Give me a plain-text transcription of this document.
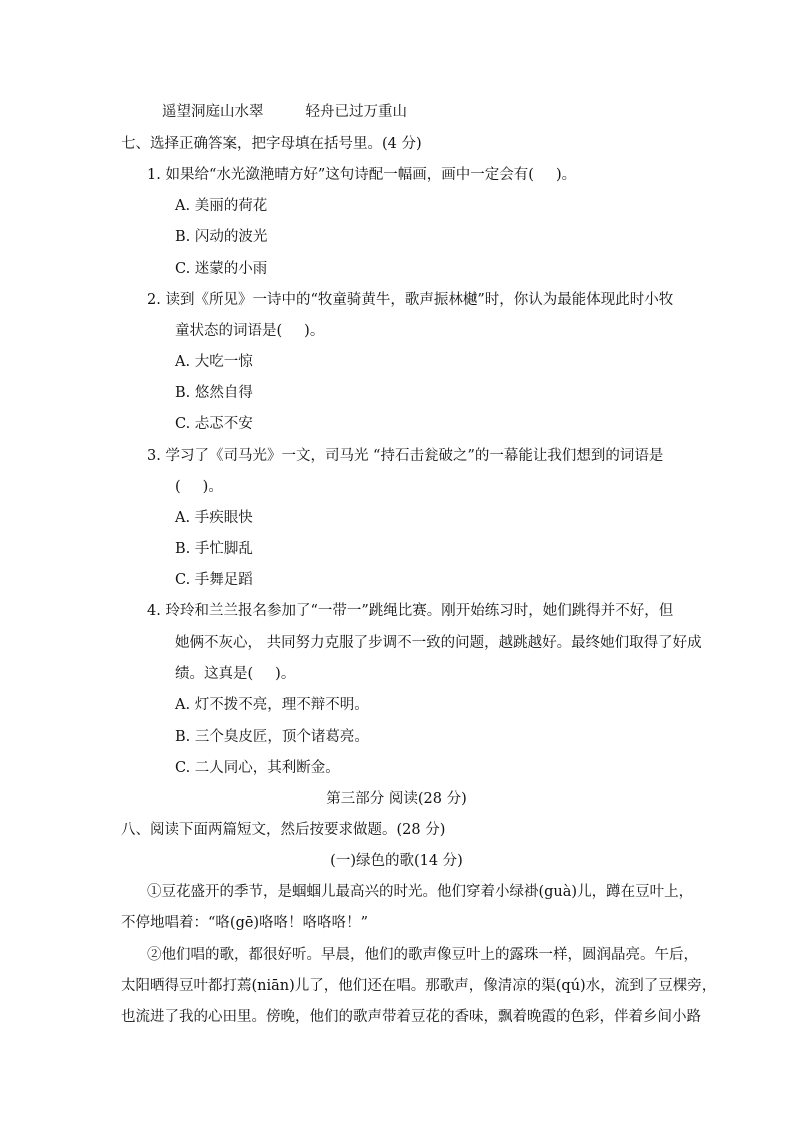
遥望洞庭山水翠	轻舟已过万重山
七、选择正确答案，把字母填在括号里。(4 分)
1. 如果给“水光潋滟晴方好”这句诗配一幅画，画中一定会有( )。
A. 美丽的荷花
B. 闪动的波光
C. 迷蒙的小雨
2. 读到《所见》一诗中的“牧童骑黄牛，歌声振林樾”时，你认为最能体现此时小牧
童状态的词语是( )。
A. 大吃一惊
B. 悠然自得
C. 忐忑不安
3. 学习了《司马光》一文，司马光 “持石击瓮破之”的一幕能让我们想到的词语是
( )。
A. 手疾眼快
B. 手忙脚乱
C. 手舞足蹈
4. 玲玲和兰兰报名参加了“一带一”跳绳比赛。刚开始练习时，她们跳得并不好，但
她俩不灰心， 共同努力克服了步调不一致的问题，越跳越好。最终她们取得了好成
绩。这真是( )。
A. 灯不拨不亮，理不辩不明。
B. 三个臭皮匠，顶个诸葛亮。
C. 二人同心，其利断金。
第三部分 阅读(28 分)
八、阅读下面两篇短文，然后按要求做题。(28 分)
(一)绿色的歌(14 分)
①豆花盛开的季节，是蝈蝈儿最高兴的时光。他们穿着小绿褂(guà)儿，蹲在豆叶上，
不停地唱着：“咯(gē)咯咯！咯咯咯！”
②他们唱的歌，都很好听。早晨，他们的歌声像豆叶上的露珠一样，圆润晶亮。午后，
太阳晒得豆叶都打蔫(niān)儿了，他们还在唱。那歌声，像清凉的渠(qú)水，流到了豆棵旁，
也流进了我的心田里。傍晚，他们的歌声带着豆花的香味，飘着晚霞的色彩，伴着乡间小路
